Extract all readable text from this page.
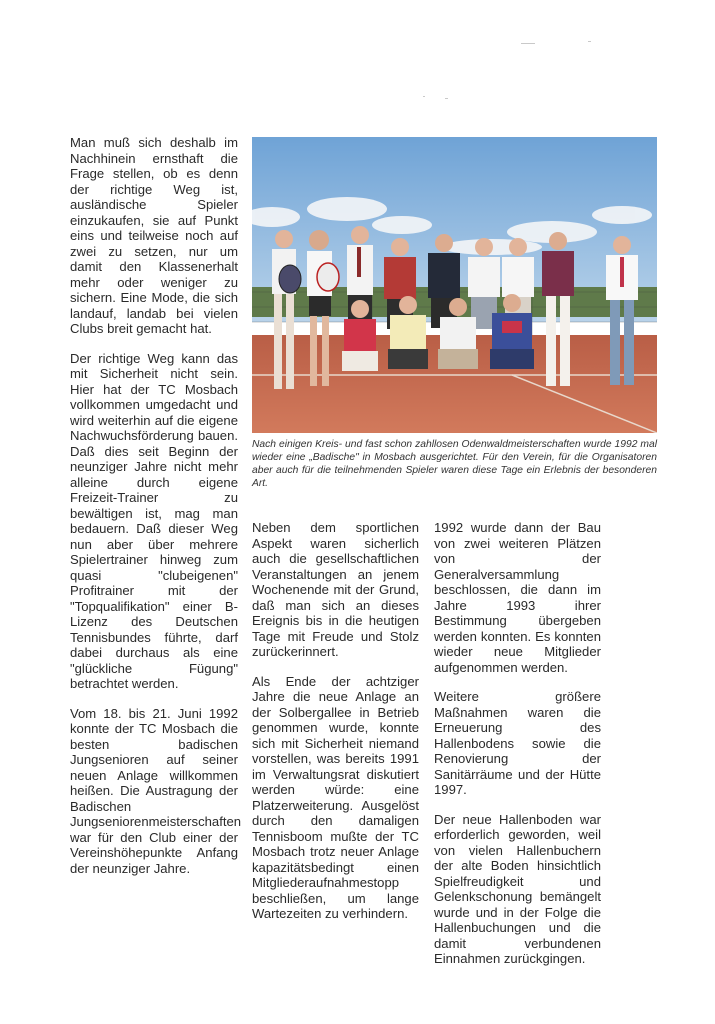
Man muß sich deshalb im Nachhinein ernsthaft die Frage stellen, ob es denn der richtige Weg ist, ausländische Spieler einzukaufen, sie auf Punkt eins und teilweise noch auf zwei zu setzen, nur um damit den Klassenerhalt mehr oder weniger zu sichern. Eine Mode, die sich landauf, landab bei vielen Clubs breit gemacht hat.

Der richtige Weg kann das mit Sicherheit nicht sein. Hier hat der TC Mosbach vollkommen umgedacht und wird weiterhin auf die eigene Nachwuchsförderung bauen. Daß dies seit Beginn der neunziger Jahre nicht mehr alleine durch eigene Freizeit-Trainer zu bewältigen ist, mag man bedauern. Daß dieser Weg nun aber über mehrere Spielertrainer hinweg zum quasi "clubeigenen" Profitrainer mit der "Topqualifikation" einer B-Lizenz des Deutschen Tennisbundes führte, darf dabei durchaus als eine "glückliche Fügung" betrachtet werden.

Vom 18. bis 21. Juni 1992 konnte der TC Mosbach die besten badischen Jungsenioren auf seiner neuen Anlage willkommen heißen. Die Austragung der Badischen Jungseniorenmeisterschaften war für den Club einer der Vereinshöhepunkte Anfang der neunziger Jahre.

Nach einigen Kreis- und fast schon zahllosen Odenwaldmeisterschaften wurde 1992 mal wieder eine „Badische" in Mosbach ausgerichtet. Für den Verein, für die Organisatoren aber auch für die teilnehmenden Spieler waren diese Tage ein Erlebnis der besonderen Art.

Neben dem sportlichen Aspekt waren sicherlich auch die gesellschaftlichen Veranstaltungen an jenem Wochenende mit der Grund, daß man sich an dieses Ereignis bis in die heutigen Tage mit Freude und Stolz zurückerinnert.

Als Ende der achtziger Jahre die neue Anlage an der Solbergallee in Betrieb genommen wurde, konnte sich mit Sicherheit niemand vorstellen, was bereits 1991 im Verwaltungsrat diskutiert werden würde: eine Platzerweiterung. Ausgelöst durch den damaligen Tennisboom mußte der TC Mosbach trotz neuer Anlage kapazitätsbedingt einen Mitgliederaufnahmestopp beschließen, um lange Wartezeiten zu verhindern.

1992 wurde dann der Bau von zwei weiteren Plätzen von der Generalversammlung beschlossen, die dann im Jahre 1993 ihrer Bestimmung übergeben werden konnten. Es konnten wieder neue Mitglieder aufgenommen werden.

Weitere größere Maßnahmen waren die Erneuerung des Hallenbodens sowie die Renovierung der Sanitärräume und der Hütte 1997.

Der neue Hallenboden war erforderlich geworden, weil von vielen Hallenbuchern der alte Boden hinsichtlich Spielfreudigkeit und Gelenkschonung bemängelt wurde und in der Folge die Hallenbuchungen und die damit verbundenen Einnahmen zurückgingen.
